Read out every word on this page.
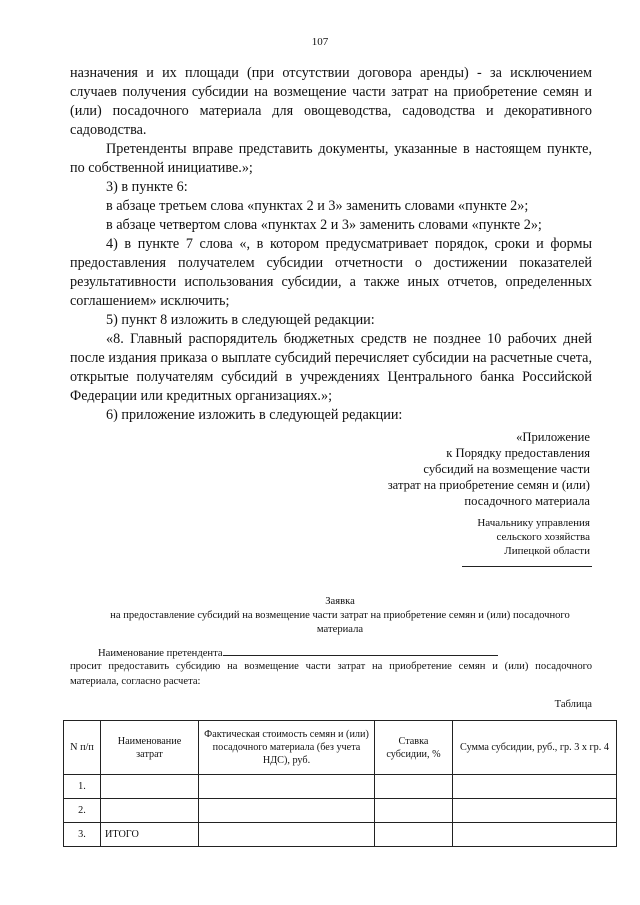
107

назначения и их площади (при отсутствии договора аренды) - за исключением случаев получения субсидии на возмещение части затрат на приобретение семян и (или) посадочного материала для овощеводства, садоводства и декоративного садоводства.

Претенденты вправе представить документы, указанные в настоящем пункте, по собственной инициативе.»;

3) в пункте 6:

в абзаце третьем слова «пунктах 2 и 3» заменить словами «пункте 2»;

в абзаце четвертом слова «пунктах 2 и 3» заменить словами «пункте 2»;

4) в пункте 7 слова «, в котором предусматривает порядок, сроки и формы предоставления получателем субсидии отчетности о достижении показателей результативности использования субсидии, а также иных отчетов, определенных соглашением» исключить;

5) пункт 8 изложить в следующей редакции:

«8. Главный распорядитель бюджетных средств не позднее 10 рабочих дней после издания приказа о выплате субсидий перечисляет субсидии на расчетные счета, открытые получателям субсидий в учреждениях Центрального банка Российской Федерации или кредитных организациях.»;

6) приложение изложить в следующей редакции:

«Приложение
к Порядку предоставления
субсидий на возмещение части
затрат на приобретение семян и (или)
посадочного материала
Начальнику управления
сельского хозяйства
Липецкой области
Заявка
на предоставление субсидий на возмещение части затрат на приобретение семян и (или) посадочного материала
Наименование претендента
просит предоставить субсидию на возмещение части затрат на приобретение семян и (или) посадочного материала, согласно расчета:
Таблица
N п/п	Наименование затрат	Фактическая стоимость семян и (или) посадочного материала (без учета НДС), руб.	Ставка субсидии, %	Сумма субсидии, руб., гр. 3 х гр. 4
1.				
2.				
3.	ИТОГО			
